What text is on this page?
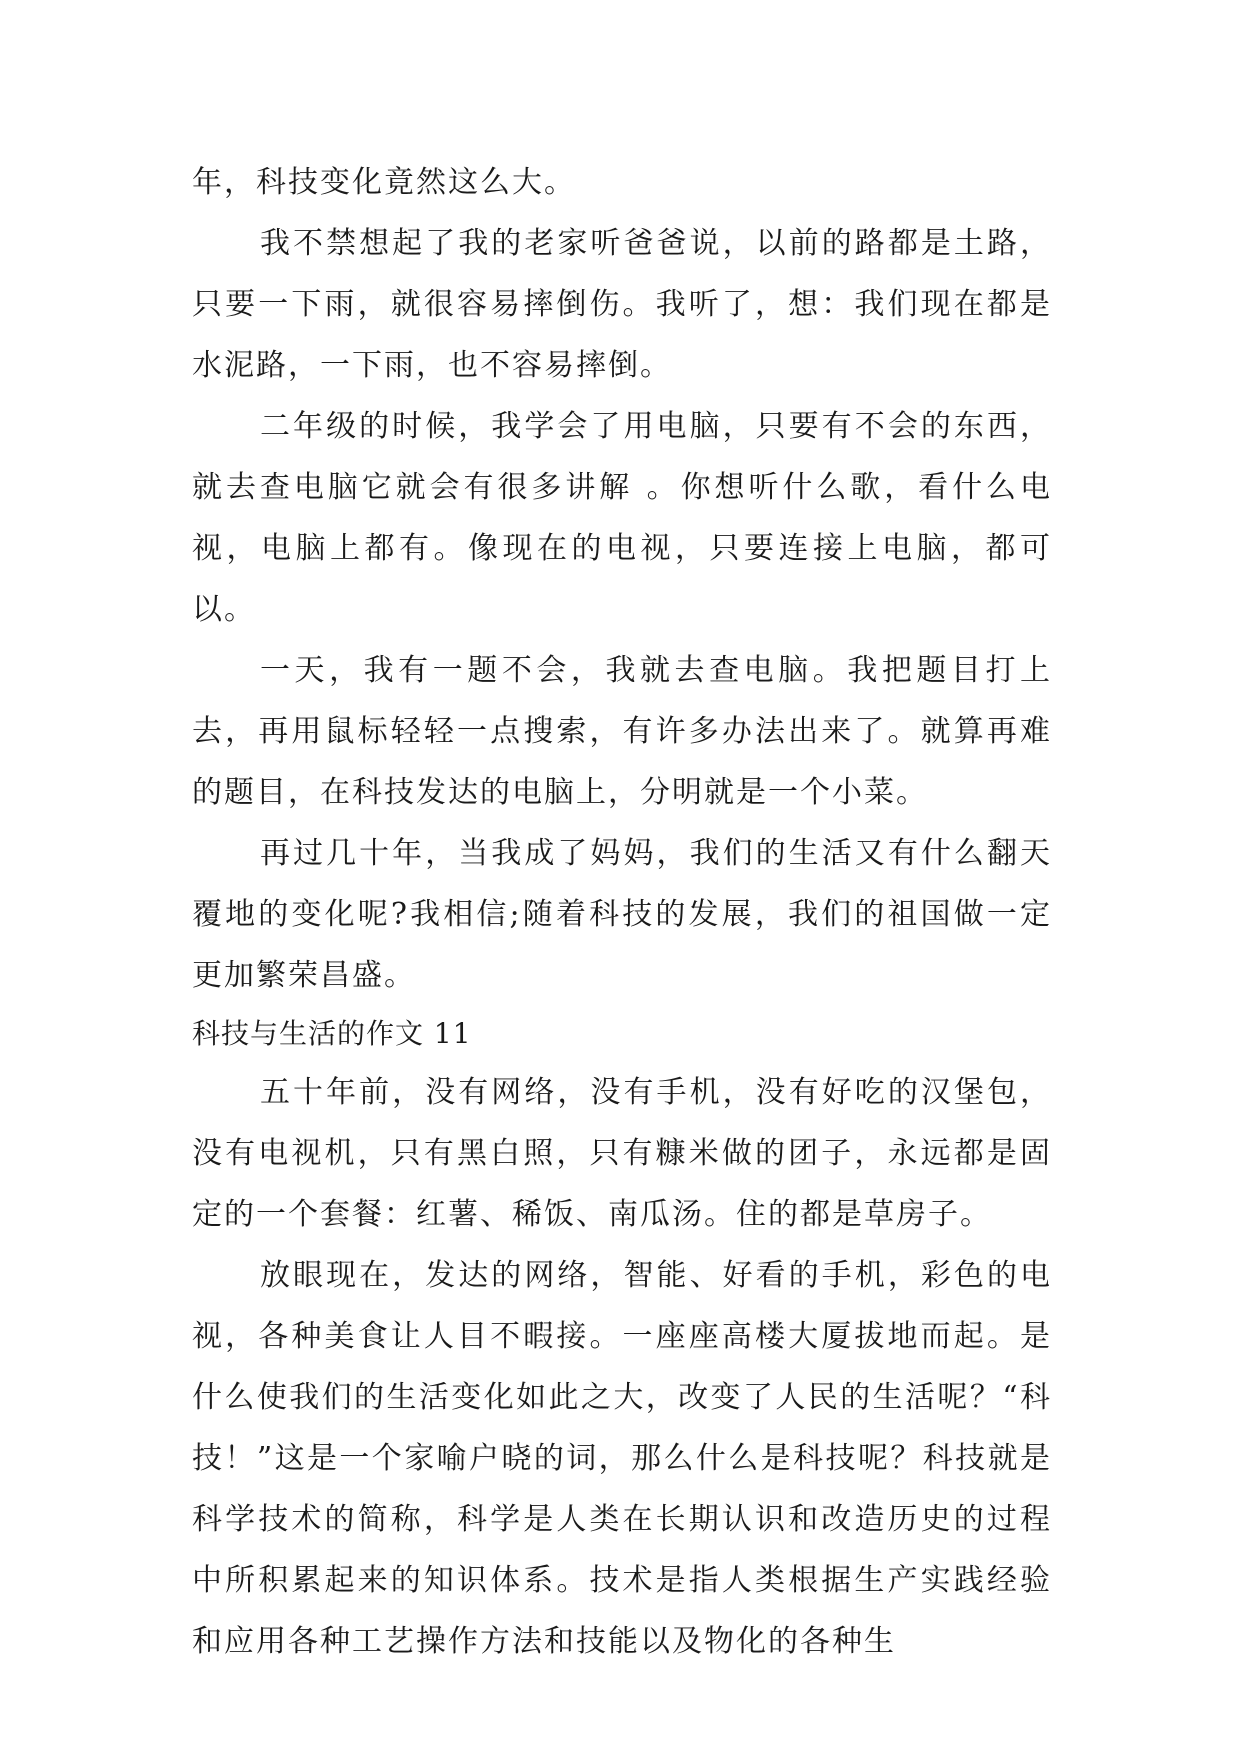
年，科技变化竟然这么大。

我不禁想起了我的老家听爸爸说，以前的路都是土路，只要一下雨，就很容易摔倒伤。我听了，想：我们现在都是水泥路，一下雨，也不容易摔倒。

二年级的时候，我学会了用电脑，只要有不会的东西，就去查电脑它就会有很多讲解 。你想听什么歌，看什么电视，电脑上都有。像现在的电视，只要连接上电脑，都可以。

一天，我有一题不会，我就去查电脑。我把题目打上去，再用鼠标轻轻一点搜索，有许多办法出来了。就算再难的题目，在科技发达的电脑上，分明就是一个小菜。

再过几十年，当我成了妈妈，我们的生活又有什么翻天覆地的变化呢?我相信;随着科技的发展，我们的祖国做一定更加繁荣昌盛。

科技与生活的作文 11

五十年前，没有网络，没有手机，没有好吃的汉堡包，没有电视机，只有黑白照，只有糠米做的团子，永远都是固定的一个套餐：红薯、稀饭、南瓜汤。住的都是草房子。

放眼现在，发达的网络，智能、好看的手机，彩色的电视，各种美食让人目不暇接。一座座高楼大厦拔地而起。是什么使我们的生活变化如此之大，改变了人民的生活呢？“科技！”这是一个家喻户晓的词，那么什么是科技呢？科技就是科学技术的简称，科学是人类在长期认识和改造历史的过程中所积累起来的知识体系。技术是指人类根据生产实践经验和应用各种工艺操作方法和技能以及物化的各种生
